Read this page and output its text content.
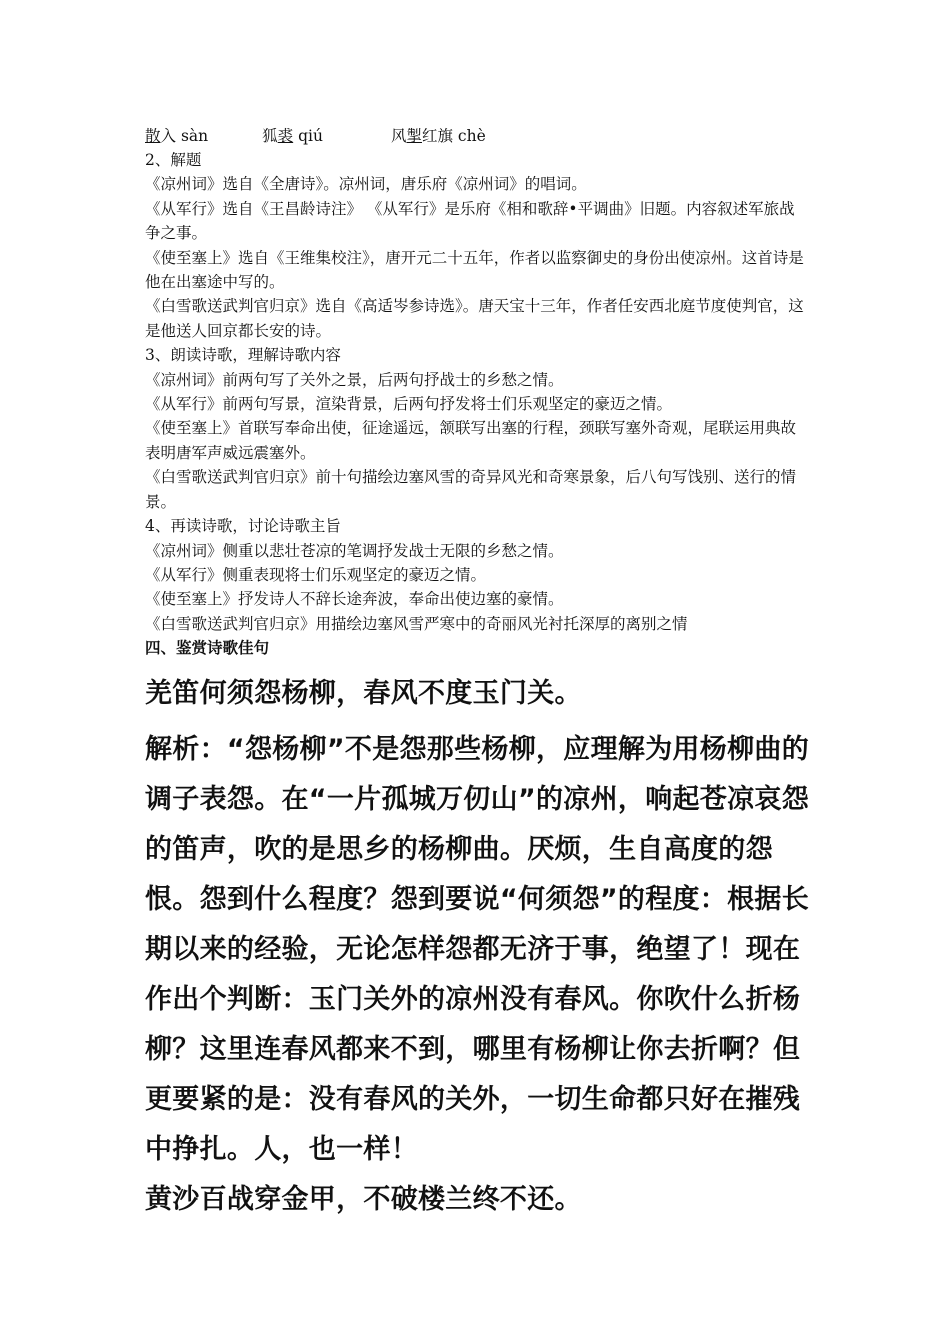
散入 sàn	狐裘 qiú	风掣红旗 chè

2、解题

《凉州词》选自《全唐诗》。凉州词，唐乐府《凉州词》的唱词。

《从军行》选自《王昌龄诗注》 《从军行》是乐府《相和歌辞•平调曲》旧题。内容叙述军旅战争之事。

《使至塞上》选自《王维集校注》，唐开元二十五年，作者以监察御史的身份出使凉州。这首诗是他在出塞途中写的。

《白雪歌送武判官归京》选自《高适岑参诗选》。唐天宝十三年，作者任安西北庭节度使判官，这是他送人回京都长安的诗。

3、朗读诗歌，理解诗歌内容

《凉州词》前两句写了关外之景，后两句抒战士的乡愁之情。

《从军行》前两句写景，渲染背景，后两句抒发将士们乐观坚定的豪迈之情。

《使至塞上》首联写奉命出使，征途遥远，颔联写出塞的行程，颈联写塞外奇观，尾联运用典故表明唐军声威远震塞外。

《白雪歌送武判官归京》前十句描绘边塞风雪的奇异风光和奇寒景象，后八句写饯别、送行的情景。

4、再读诗歌，讨论诗歌主旨

《凉州词》侧重以悲壮苍凉的笔调抒发战士无限的乡愁之情。

《从军行》侧重表现将士们乐观坚定的豪迈之情。

《使至塞上》抒发诗人不辞长途奔波，奉命出使边塞的豪情。

《白雪歌送武判官归京》用描绘边塞风雪严寒中的奇丽风光衬托深厚的离别之情

四、鉴赏诗歌佳句

羌笛何须怨杨柳，春风不度玉门关。

解析：“怨杨柳”不是怨那些杨柳，应理解为用杨柳曲的调子表怨。在“一片孤城万仞山”的凉州，响起苍凉哀怨的笛声，吹的是思乡的杨柳曲。厌烦，生自高度的怨恨。怨到什么程度？怨到要说“何须怨”的程度：根据长期以来的经验，无论怎样怨都无济于事，绝望了！现在作出个判断：玉门关外的凉州没有春风。你吹什么折杨柳？这里连春风都来不到，哪里有杨柳让你去折啊？但更要紧的是：没有春风的关外，一切生命都只好在摧残中挣扎。人，也一样！

黄沙百战穿金甲，不破楼兰终不还。
